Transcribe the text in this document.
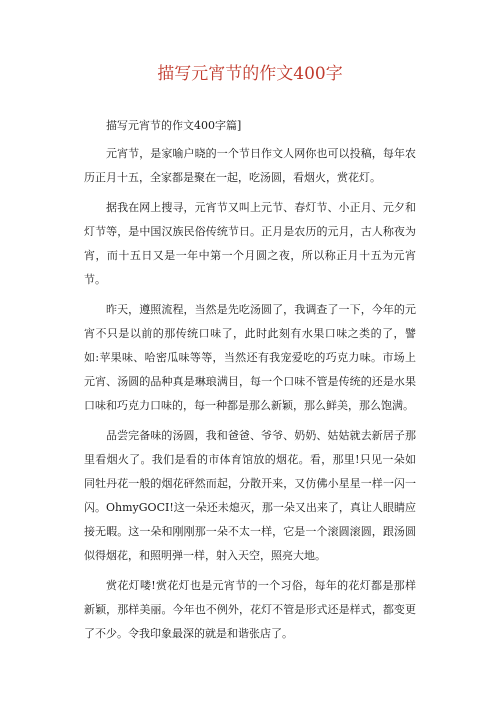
描写元宵节的作文400字

描写元宵节的作文400字篇]

元宵节，是家喻户晓的一个节日作文人网你也可以投稿，每年农历正月十五，全家都是聚在一起，吃汤圆，看烟火，赏花灯。

据我在网上搜寻，元宵节又叫上元节、春灯节、小正月、元夕和灯节等，是中国汉族民俗传统节日。正月是农历的元月，古人称夜为宵，而十五日又是一年中第一个月圆之夜，所以称正月十五为元宵节。

昨天，遵照流程，当然是先吃汤圆了，我调查了一下，今年的元宵不只是以前的那传统口味了，此时此刻有水果口味之类的了，譬如:苹果味、哈密瓜味等等，当然还有我宠爱吃的巧克力味。市场上元宵、汤圆的品种真是琳琅满目，每一个口味不管是传统的还是水果口味和巧克力口味的，每一种都是那么新颖，那么鲜美，那么饱满。

品尝完备味的汤圆，我和爸爸、爷爷、奶奶、姑姑就去新居子那里看烟火了。我们是看的市体育馆放的烟花。看，那里!只见一朵如同牡丹花一般的烟花砰然而起，分散开来，又仿佛小星星一样一闪一闪。OhmyGOCI!这一朵还未熄灭，那一朵又出来了，真让人眼睛应接无暇。这一朵和刚刚那一朵不太一样，它是一个滚圆滚圆，跟汤圆似得烟花，和照明弹一样，射入天空，照亮大地。

赏花灯喽!赏花灯也是元宵节的一个习俗，每年的花灯都是那样新颖，那样美丽。今年也不例外，花灯不管是形式还是样式，都变更了不少。令我印象最深的就是和谐张店了。
